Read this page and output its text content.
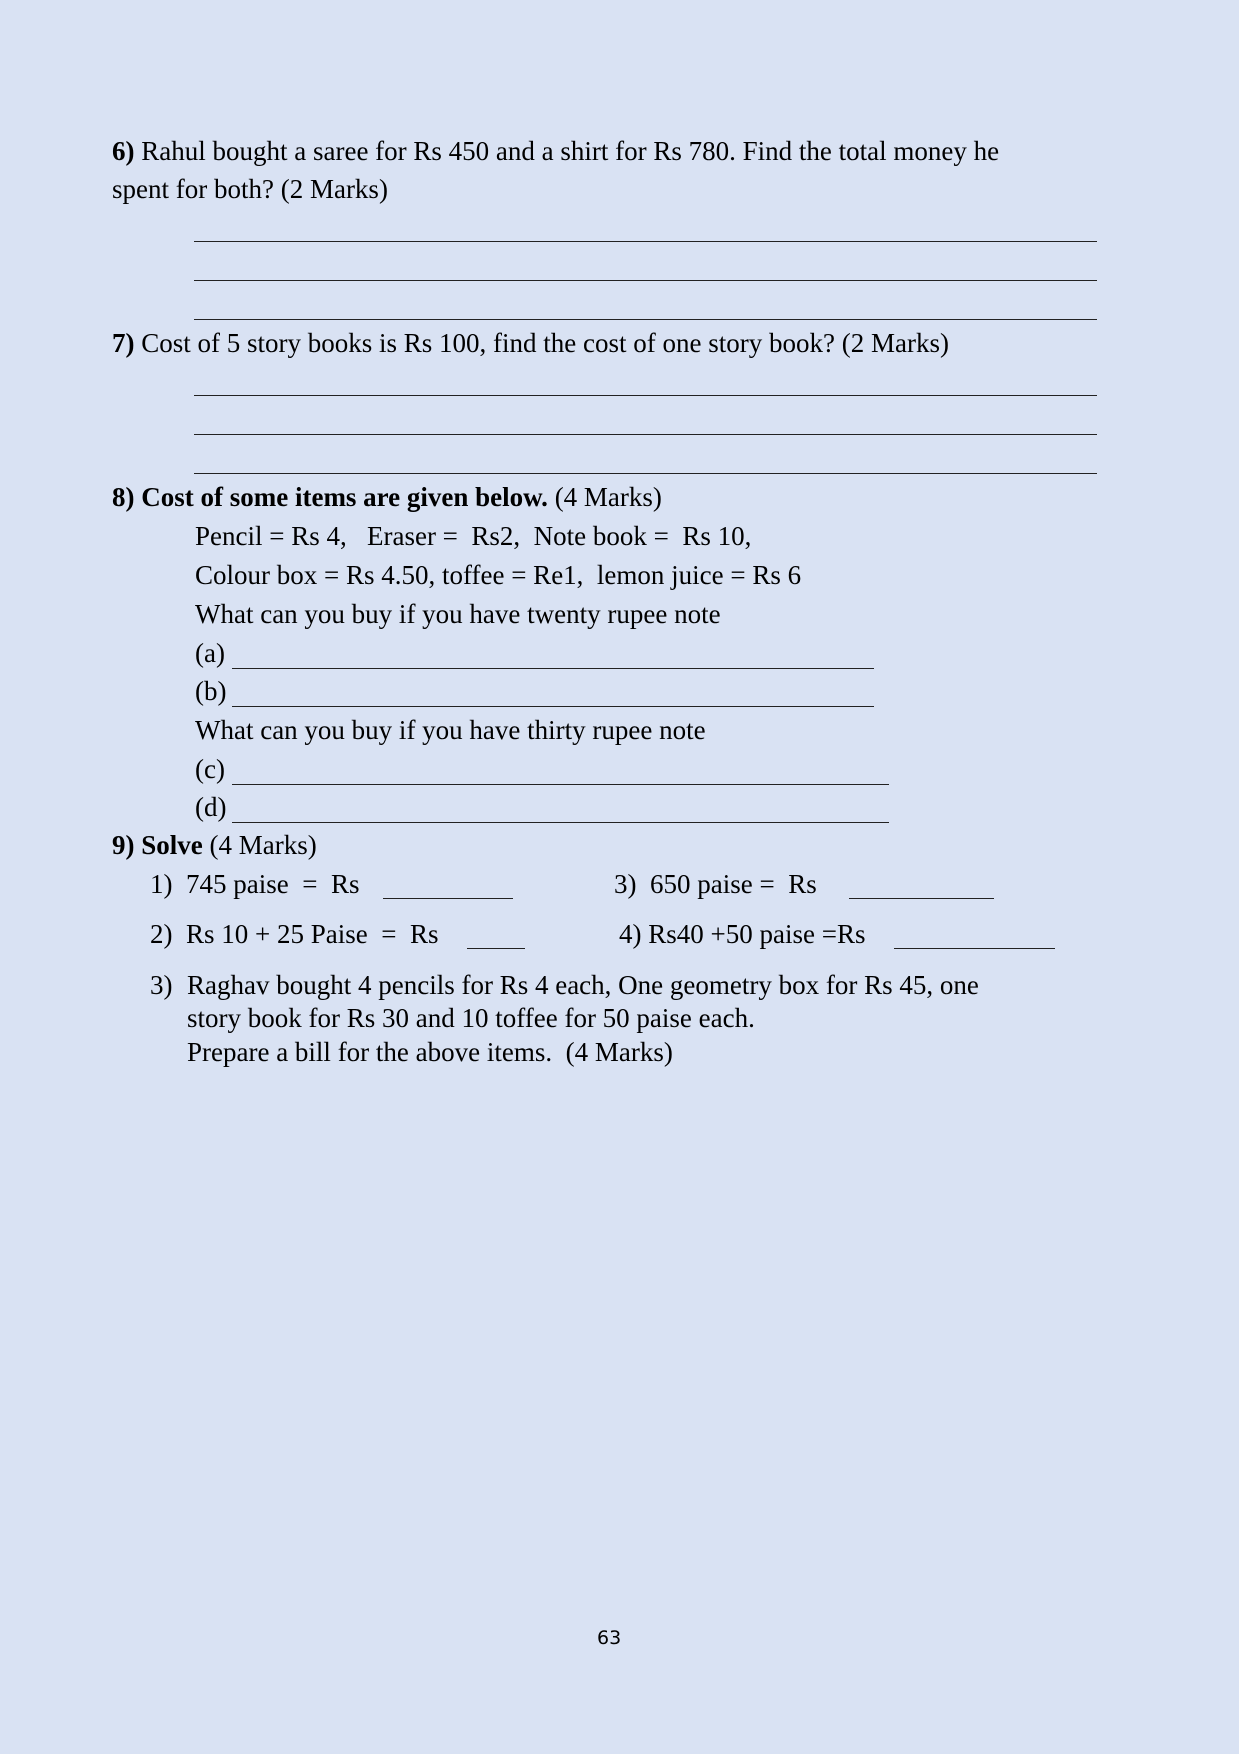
6) Rahul bought a saree for Rs 450 and a shirt for Rs 780. Find the total money he
spent for both? (2 Marks)
7) Cost of 5 story books is Rs 100, find the cost of one story book? (2 Marks)
8) Cost of some items are given below. (4 Marks)
Pencil = Rs 4,   Eraser =  Rs2,  Note book =  Rs 10,
Colour box = Rs 4.50, toffee = Re1,  lemon juice = Rs 6
What can you buy if you have twenty rupee note
(a)
(b)
What can you buy if you have thirty rupee note
(c)
(d)
9) Solve (4 Marks)
1)  745 paise  =  Rs	3)  650 paise =  Rs
2)  Rs 10 + 25 Paise  =  Rs	4) Rs40 +50 paise =Rs
3) Raghav bought 4 pencils for Rs 4 each, One geometry box for Rs 45, one
story book for Rs 30 and 10 toffee for 50 paise each.
Prepare a bill for the above items.  (4 Marks)
63
